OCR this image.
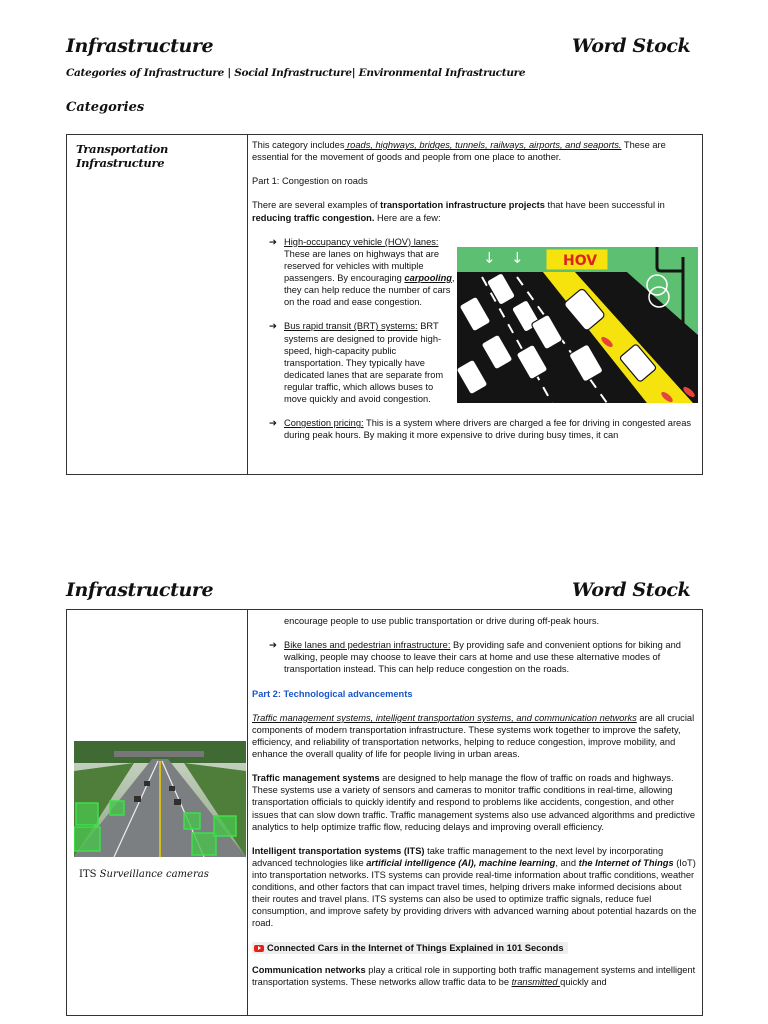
Infrastructure	Word Stock
Categories of Infrastructure | Social Infrastructure| Environmental Infrastructure
Categories
Transportation Infrastructure

This category includes roads, highways, bridges, tunnels, railways, airports, and seaports. These are essential for the movement of goods and people from one place to another.

Part 1: Congestion on roads

There are several examples of transportation infrastructure projects that have been successful in reducing traffic congestion. Here are a few:

➔ High-occupancy vehicle (HOV) lanes: These are lanes on highways that are reserved for vehicles with multiple passengers. By encouraging carpooling, they can help reduce the number of cars on the road and ease congestion.
➔ Bus rapid transit (BRT) systems: BRT systems are designed to provide high-speed, high-capacity public transportation. They typically have dedicated lanes that are separate from regular traffic, which allows buses to move quickly and avoid congestion.
➔ Congestion pricing: This is a system where drivers are charged a fee for driving in congested areas during peak hours. By making it more expensive to drive during busy times, it can
↓ ↓	HOV
Infrastructure	Word Stock
ITS Surveillance cameras

encourage people to use public transportation or drive during off-peak hours.
➔ Bike lanes and pedestrian infrastructure: By providing safe and convenient options for biking and walking, people may choose to leave their cars at home and use these alternative modes of transportation instead. This can help reduce congestion on the roads.

Part 2: Technological advancements

Traffic management systems, intelligent transportation systems, and communication networks are all crucial components of modern transportation infrastructure. These systems work together to improve the safety, efficiency, and reliability of transportation networks, helping to reduce congestion, improve mobility, and enhance the overall quality of life for people living in urban areas.

Traffic management systems are designed to help manage the flow of traffic on roads and highways. These systems use a variety of sensors and cameras to monitor traffic conditions in real-time, allowing transportation officials to quickly identify and respond to problems like accidents, congestion, and other issues that can slow down traffic. Traffic management systems also use advanced algorithms and predictive analytics to help optimize traffic flow, reducing delays and improving overall efficiency.

Intelligent transportation systems (ITS) take traffic management to the next level by incorporating advanced technologies like artificial intelligence (AI), machine learning, and the Internet of Things (IoT) into transportation networks. ITS systems can provide real-time information about traffic conditions, weather conditions, and other factors that can impact travel times, helping drivers make informed decisions about their routes and travel plans. ITS systems can also be used to optimize traffic signals, reduce fuel consumption, and improve safety by providing drivers with advanced warning about potential hazards on the road.

Connected Cars in the Internet of Things Explained in 101 Seconds

Communication networks play a critical role in supporting both traffic management systems and intelligent transportation systems. These networks allow traffic data to be transmitted quickly and
